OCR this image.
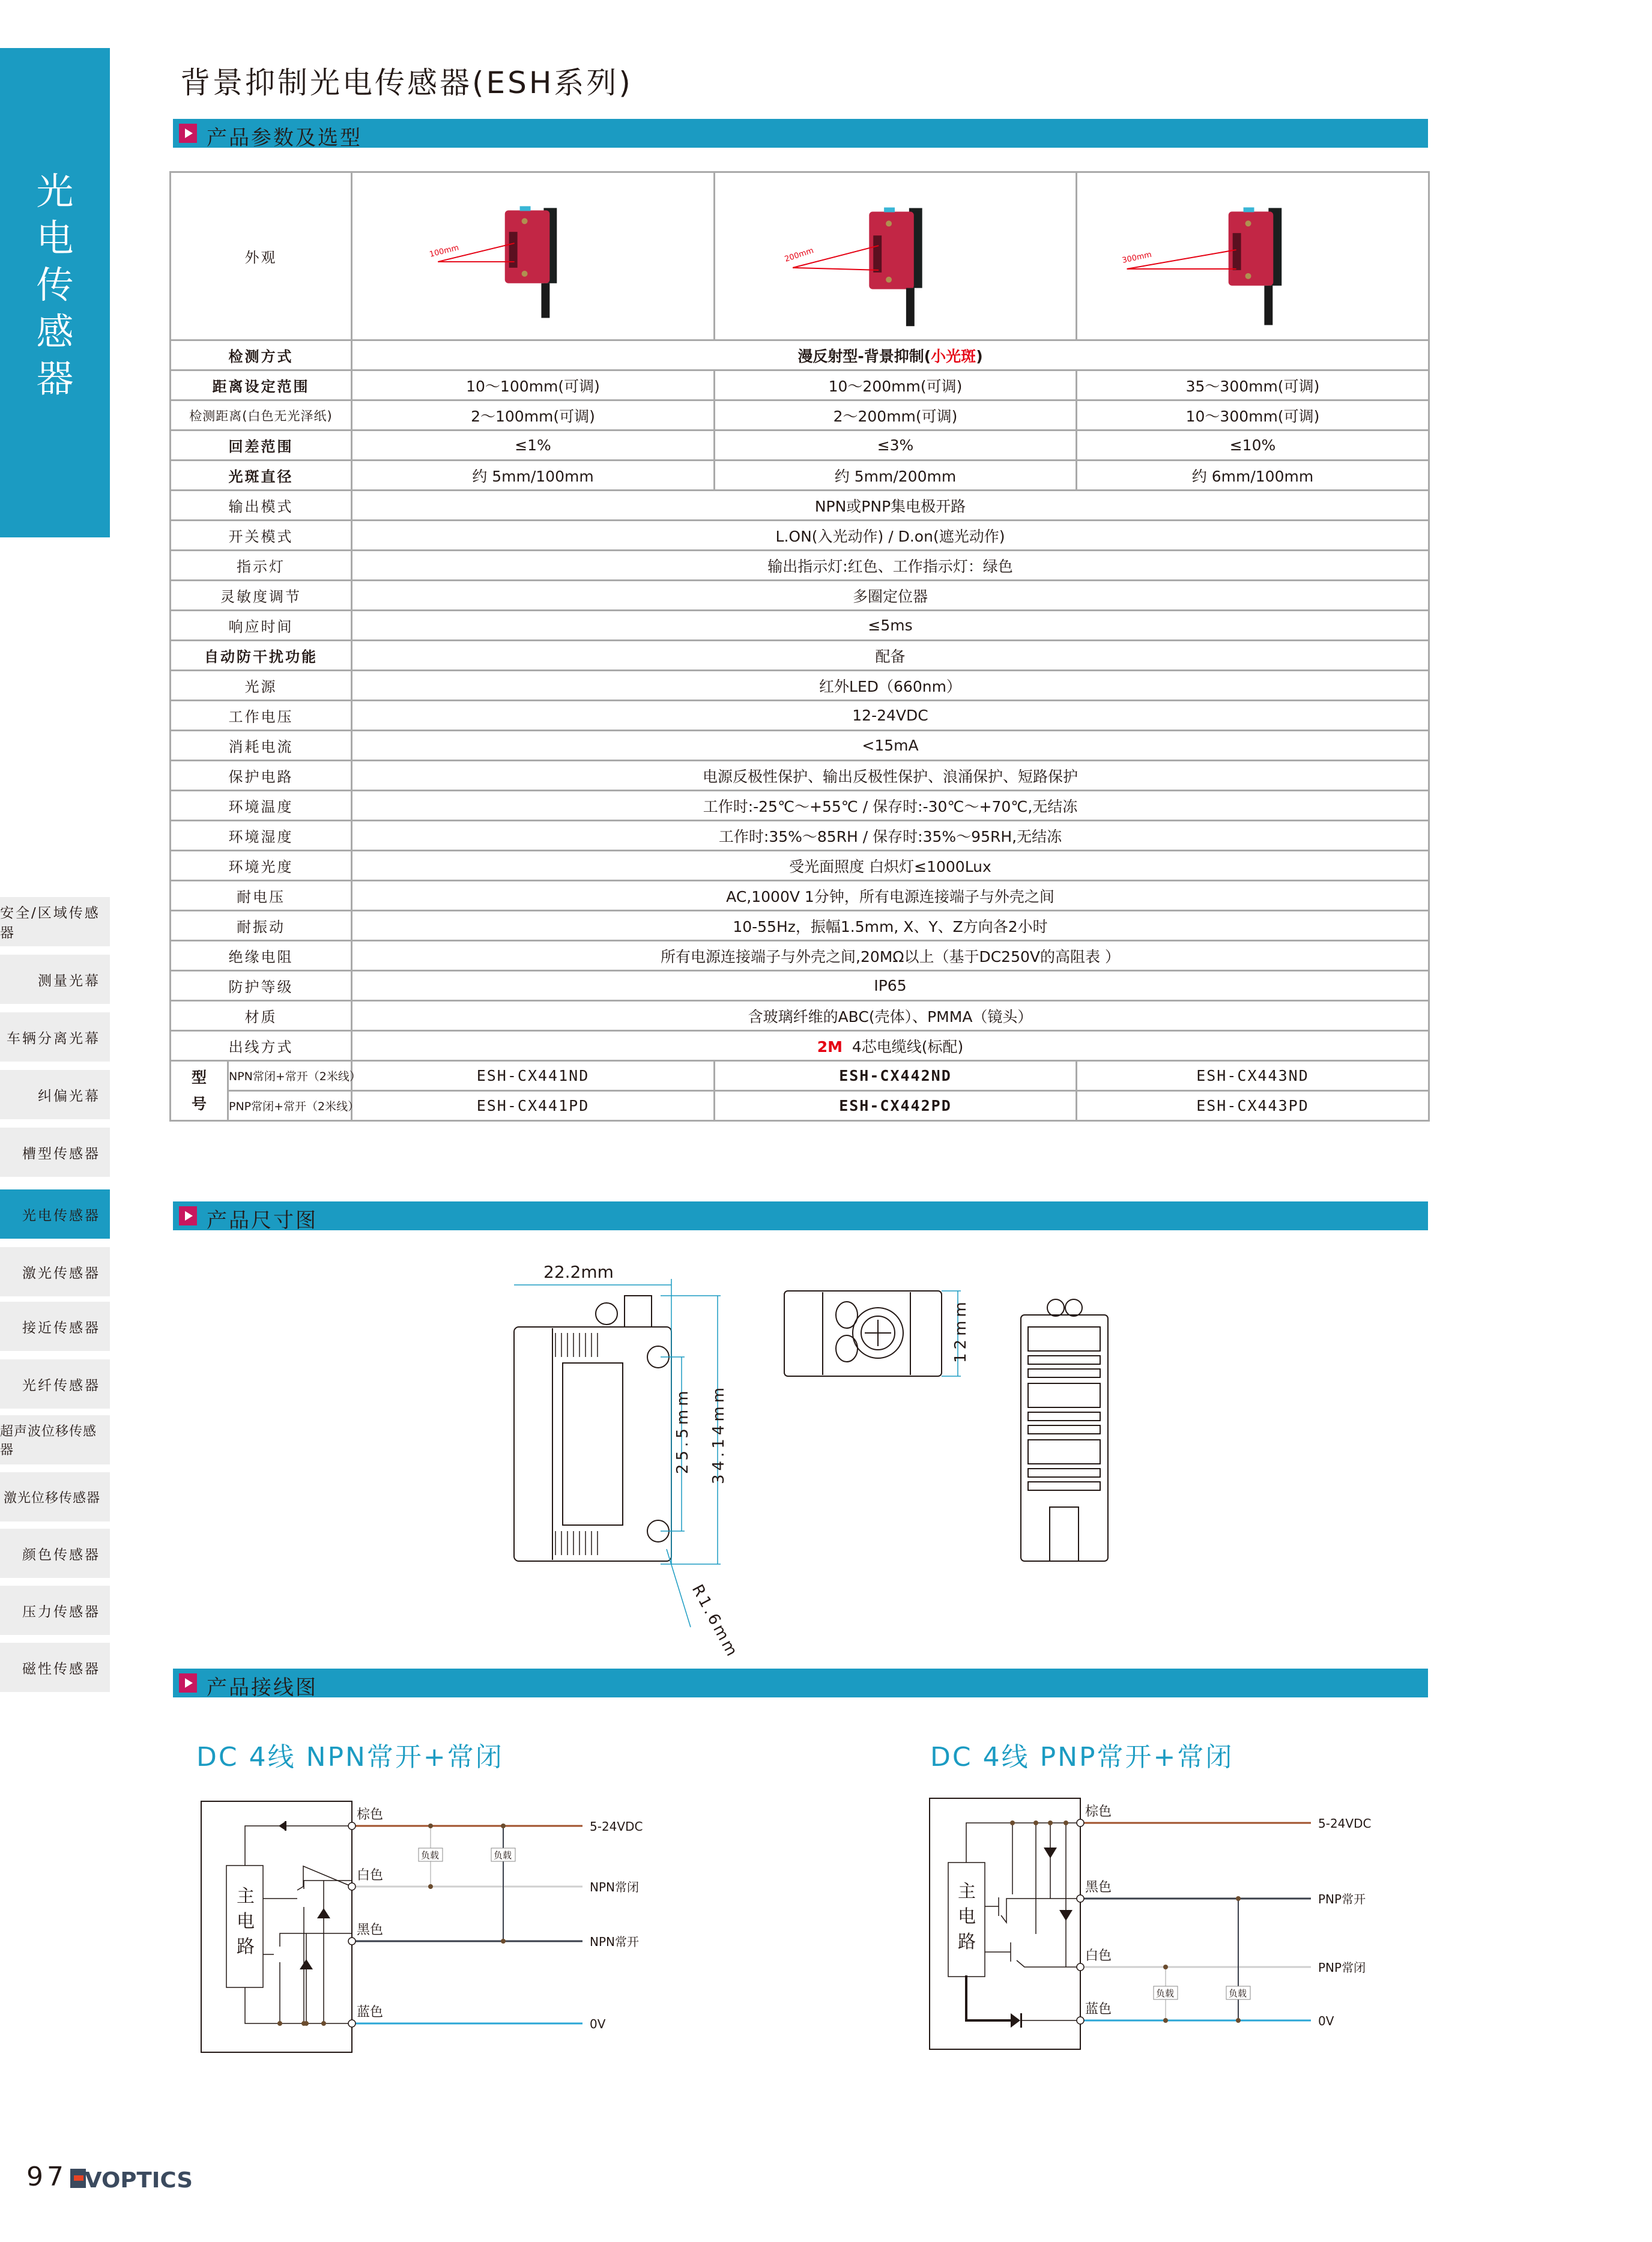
光
电
传
感
器
安全/区域传感器
测量光幕
车辆分离光幕
纠偏光幕
槽型传感器
光电传感器
激光传感器
接近传感器
光纤传感器
超声波位移传感器
激光位移传感器
颜色传感器
压力传感器
磁性传感器
背景抑制光电传感器(ESH系列)
产品参数及选型
外观		100mm	200mm	300mm

检测方式		漫反射型-背景抑制(小光斑)		
距离设定范围		10～100mm(可调)	10～200mm(可调)	35～300mm(可调)
检测距离(白色无光泽纸)		2～100mm(可调)	2～200mm(可调)	10～300mm(可调)
回差范围		≤1%	≤3%	≤10%
光斑直径		约 5mm/100mm	约 5mm/200mm	约 6mm/100mm
输出模式		NPN或PNP集电极开路		
开关模式		L.ON(入光动作) / D.on(遮光动作)		
指示灯		输出指示灯:红色、工作指示灯：绿色		
灵敏度调节		多圈定位器		
响应时间		≤5ms		
自动防干扰功能		配备		
光源		红外LED（660nm）		
工作电压		12-24VDC		
消耗电流		<15mA		
保护电路		电源反极性保护、输出反极性保护、浪涌保护、短路保护		
环境温度		工作时:-25℃～+55℃ / 保存时:-30℃～+70℃,无结冻		
环境湿度		工作时:35%～85RH / 保存时:35%～95RH,无结冻		
环境光度		受光面照度 白炽灯≤1000Lux		
耐电压		AC,1000V 1分钟，所有电源连接端子与外壳之间		
耐振动		10-55Hz，振幅1.5mm, X、Y、Z方向各2小时		
绝缘电阻		所有电源连接端子与外壳之间,20MΩ以上（基于DC250V的高阻表 ）		
防护等级		IP65		
材质		含玻璃纤维的ABC(壳体）、PMMA（镜头）		
出线方式		2M 4芯电缆线(标配)		

型
号	NPN常闭+常开（2米线）	ESH-CX441ND	ESH-CX442ND	ESH-CX443ND
	PNP常闭+常开（2米线）	ESH-CX441PD	ESH-CX442PD	ESH-CX443PD
产品尺寸图
22.2mm
25.5mm 34.14mm
R1.6mm
12mm
产品接线图
DC 4线 NPN常开+常闭
主
电
路
棕色
5-24VDC
白色
NPN常闭
黑色
NPN常开
蓝色
0V
负载	负载
DC 4线 PNP常开+常闭
主
电
路
棕色
5-24VDC
黑色
PNP常开
白色
PNP常闭
蓝色
0V
负载	负载
97 VOPTICS
